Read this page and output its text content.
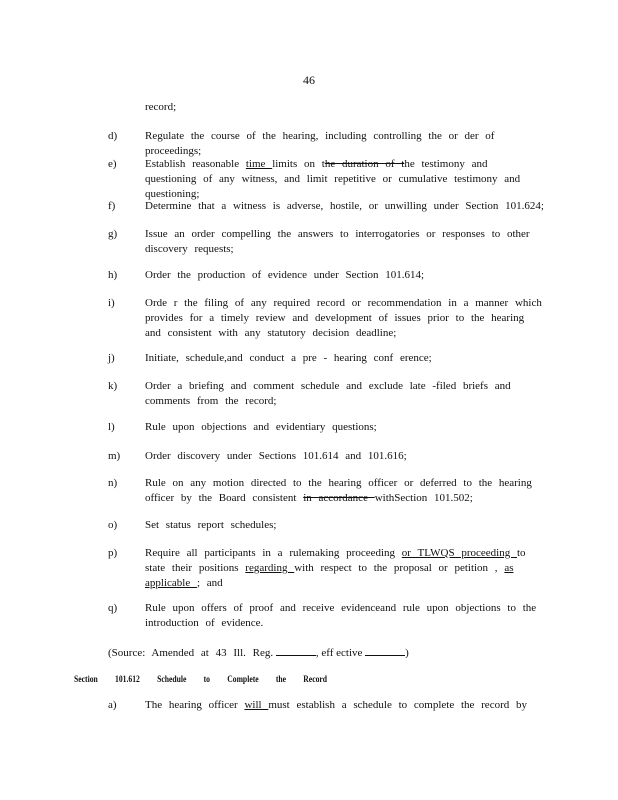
46
record;
d)	Regulate the course of the hearing, including controlling the or der of proceedings;
e)	Establish reasonable time limits on the duration of the testimony and questioning of any witness, and limit repetitive or cumulative testimony and questioning;
f)	Determine that a witness is adverse, hostile, or unwilling under Section 101.624;
g)	Issue an order compelling the answers to interrogatories or responses to other discovery requests;
h)	Order the production of evidence under Section 101.614;
i)	Orde r the filing of any required record or recommendation in a manner which provides for a timely review and development of issues prior to the hearing and consistent with any statutory decision deadline;
j)	Initiate, schedule,and conduct a pre - hearing conf erence;
k)	Order a briefing and comment schedule and exclude late -filed briefs and comments from the record;
l)	Rule upon objections and evidentiary questions;
m) Order discovery under Sections 101.614 and 101.616;
n)	Rule on any motion directed to the hearing officer or deferred to the hearing officer by the Board consistent in accordance withSection 101.502;
o)	Set status report schedules;
p)	Require all participants in a rulemaking proceeding or TLWQS proceeding to state their positions regarding with respect to the proposal or petition , as applicable ; and
q)	Rule upon offers of proof and receive evidenceand rule upon objections to the introduction of evidence.
(Source: Amended at 43 Ill. Reg.	, eff ective	)
Section 101.612 Schedule to Complete the Record
a)	The hearing officer will must establish a schedule to complete the record by
